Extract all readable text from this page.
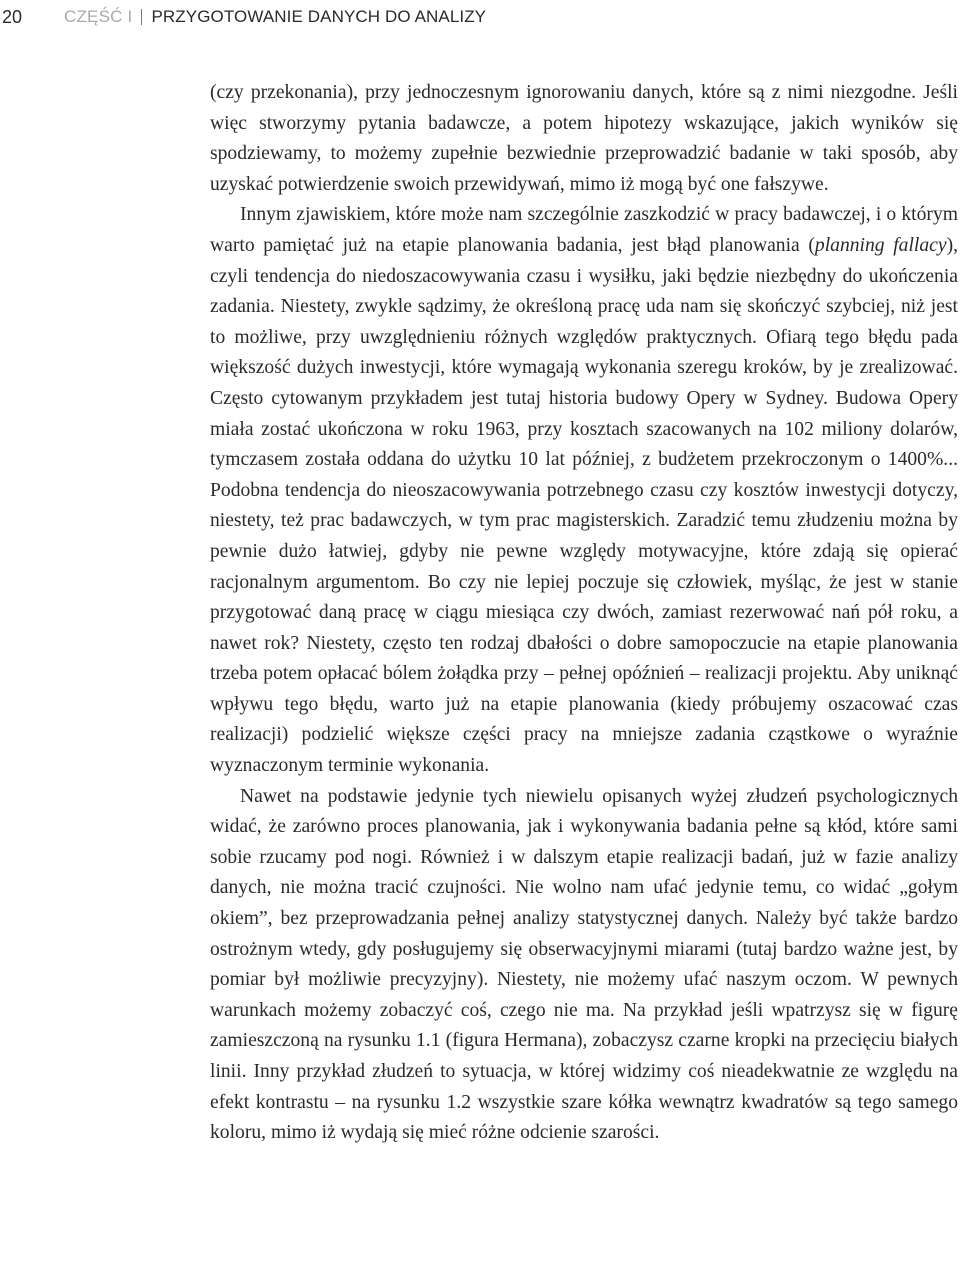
20	CZĘŚĆ I PRZYGOTOWANIE DANYCH DO ANALIZY

(czy przekonania), przy jednoczesnym ignorowaniu danych, które są z nimi niezgodne. Jeśli więc stworzymy pytania badawcze, a potem hipotezy wskazujące, jakich wyników się spodziewamy, to możemy zupełnie bezwiednie przeprowadzić badanie w taki sposób, aby uzyskać potwierdzenie swoich przewidywań, mimo iż mogą być one fałszywe.

Innym zjawiskiem, które może nam szczególnie zaszkodzić w pracy badawczej, i o którym warto pamiętać już na etapie planowania badania, jest błąd planowania (planning fallacy), czyli tendencja do niedoszacowywania czasu i wysiłku, jaki będzie niezbędny do ukończenia zadania. Niestety, zwykle sądzimy, że określoną pracę uda nam się skończyć szybciej, niż jest to możliwe, przy uwzględnieniu różnych względów praktycznych. Ofiarą tego błędu pada większość dużych inwestycji, które wymagają wykonania szeregu kroków, by je zrealizować. Często cytowanym przykładem jest tutaj historia budowy Opery w Sydney. Budowa Opery miała zostać ukończona w roku 1963, przy kosztach szacowanych na 102 miliony dolarów, tymczasem została oddana do użytku 10 lat później, z budżetem przekroczonym o 1400%... Podobna tendencja do nieoszacowywania potrzebnego czasu czy kosztów inwestycji dotyczy, niestety, też prac badawczych, w tym prac magisterskich. Zaradzić temu złudzeniu można by pewnie dużo łatwiej, gdyby nie pewne względy motywacyjne, które zdają się opierać racjonalnym argumentom. Bo czy nie lepiej poczuje się człowiek, myśląc, że jest w stanie przygotować daną pracę w ciągu miesiąca czy dwóch, zamiast rezerwować nań pół roku, a nawet rok? Niestety, często ten rodzaj dbałości o dobre samopoczucie na etapie planowania trzeba potem opłacać bólem żołądka przy – pełnej opóźnień – realizacji projektu. Aby uniknąć wpływu tego błędu, warto już na etapie planowania (kiedy próbujemy oszacować czas realizacji) podzielić większe części pracy na mniejsze zadania cząstkowe o wyraźnie wyznaczonym terminie wykonania.

Nawet na podstawie jedynie tych niewielu opisanych wyżej złudzeń psychologicznych widać, że zarówno proces planowania, jak i wykonywania badania pełne są kłód, które sami sobie rzucamy pod nogi. Również i w dalszym etapie realizacji badań, już w fazie analizy danych, nie można tracić czujności. Nie wolno nam ufać jedynie temu, co widać „gołym okiem”, bez przeprowadzania pełnej analizy statystycznej danych. Należy być także bardzo ostrożnym wtedy, gdy posługujemy się obserwacyjnymi miarami (tutaj bardzo ważne jest, by pomiar był możliwie precyzyjny). Niestety, nie możemy ufać naszym oczom. W pewnych warunkach możemy zobaczyć coś, czego nie ma. Na przykład jeśli wpatrzysz się w figurę zamieszczoną na rysunku 1.1 (figura Hermana), zobaczysz czarne kropki na przecięciu białych linii. Inny przykład złudzeń to sytuacja, w której widzimy coś nieadekwatnie ze względu na efekt kontrastu – na rysunku 1.2 wszystkie szare kółka wewnątrz kwadratów są tego samego koloru, mimo iż wydają się mieć różne odcienie szarości.
